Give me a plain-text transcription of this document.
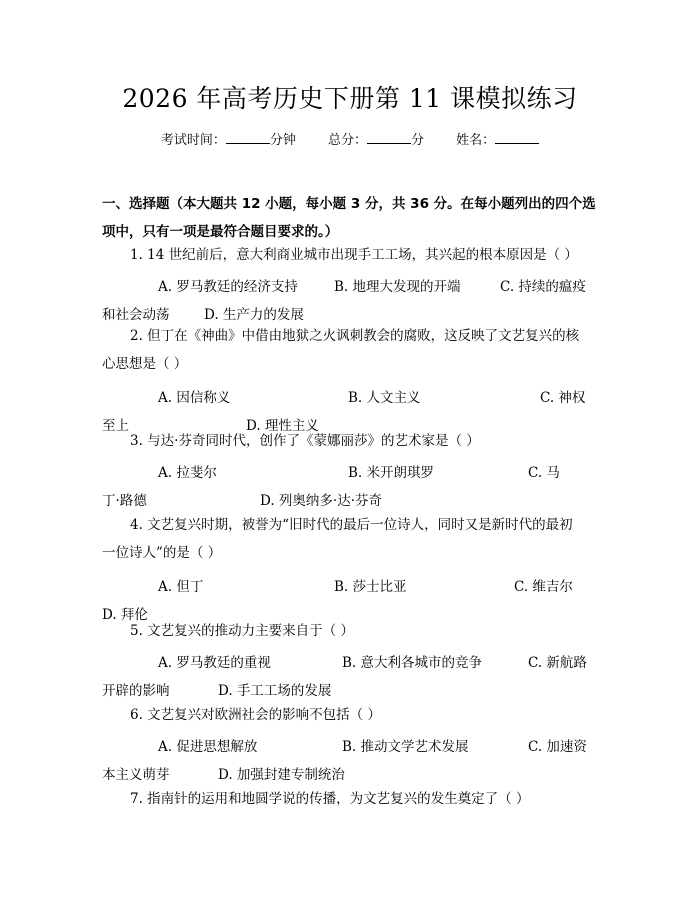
2026 年高考历史下册第 11 课模拟练习
考试时间：	分钟 总分：	分 姓名：
一、选择题（本大题共 12 小题，每小题 3 分，共 36 分。在每小题列出的四个选
项中，只有一项是最符合题目要求的。）
1. 14 世纪前后，意大利商业城市出现手工工场，其兴起的根本原因是（ ）
A. 罗马教廷的经济支持	B. 地理大发现的开端	C. 持续的瘟疫
和社会动荡	D. 生产力的发展
2. 但丁在《神曲》中借由地狱之火讽刺教会的腐败，这反映了文艺复兴的核
心思想是（ ）
A. 因信称义	B. 人文主义	C. 神权
至上	D. 理性主义
3. 与达·芬奇同时代，创作了《蒙娜丽莎》的艺术家是（ ）
A. 拉斐尔	B. 米开朗琪罗	C. 马
丁·路德	D. 列奥纳多·达·芬奇
4. 文艺复兴时期，被誉为“旧时代的最后一位诗人，同时又是新时代的最初
一位诗人”的是（ ）
A. 但丁	B. 莎士比亚	C. 维吉尔
D. 拜伦
5. 文艺复兴的推动力主要来自于（ ）
A. 罗马教廷的重视	B. 意大利各城市的竞争	C. 新航路
开辟的影响	D. 手工工场的发展
6. 文艺复兴对欧洲社会的影响不包括（ ）
A. 促进思想解放	B. 推动文学艺术发展	C. 加速资
本主义萌芽	D. 加强封建专制统治
7. 指南针的运用和地圆学说的传播，为文艺复兴的发生奠定了（ ）
